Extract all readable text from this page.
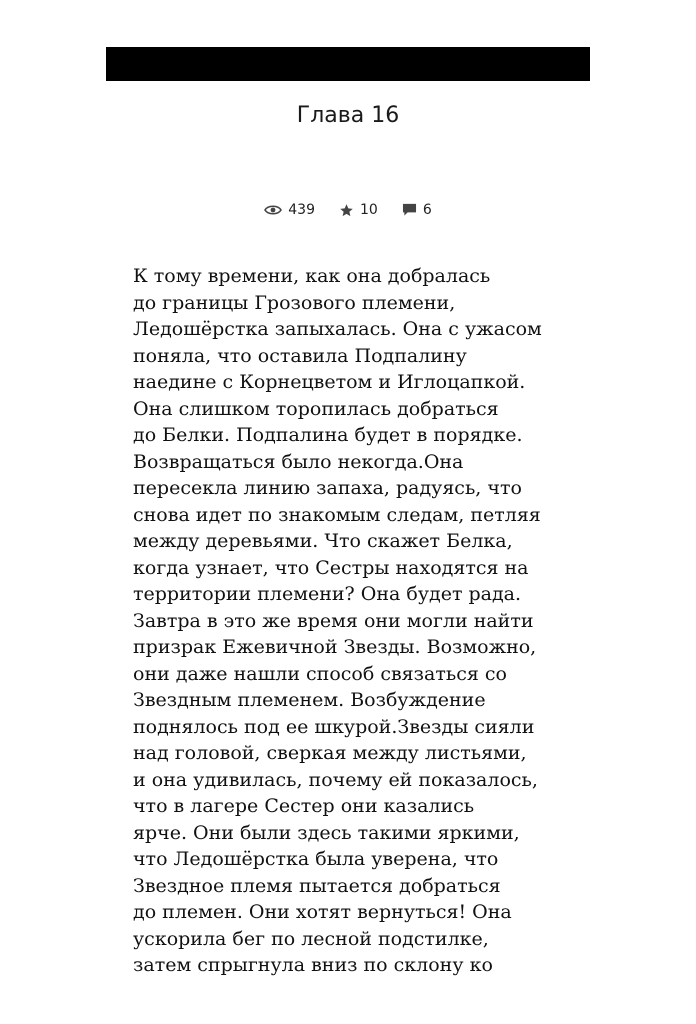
Глава 16
439	10	6
К тому времени, как она добралась
до границы Грозового племени,
Ледошёрстка запыхалась. Она с ужасом
поняла, что оставила Подпалину
наедине с Корнецветом и Иглоцапкой.
Она слишком торопилась добраться
до Белки. Подпалина будет в порядке.
Возвращаться было некогда.Она
пересекла линию запаха, радуясь, что
снова идет по знакомым следам, петляя
между деревьями. Что скажет Белка,
когда узнает, что Сестры находятся на
территории племени? Она будет рада.
Завтра в это же время они могли найти
призрак Ежевичной Звезды. Возможно,
они даже нашли способ связаться со
Звездным племенем. Возбуждение
поднялось под ее шкурой.Звезды сияли
над головой, сверкая между листьями,
и она удивилась, почему ей показалось,
что в лагере Сестер они казались
ярче. Они были здесь такими яркими,
что Ледошёрстка была уверена, что
Звездное племя пытается добраться
до племен. Они хотят вернуться! Она
ускорила бег по лесной подстилке,
затем спрыгнула вниз по склону ко
